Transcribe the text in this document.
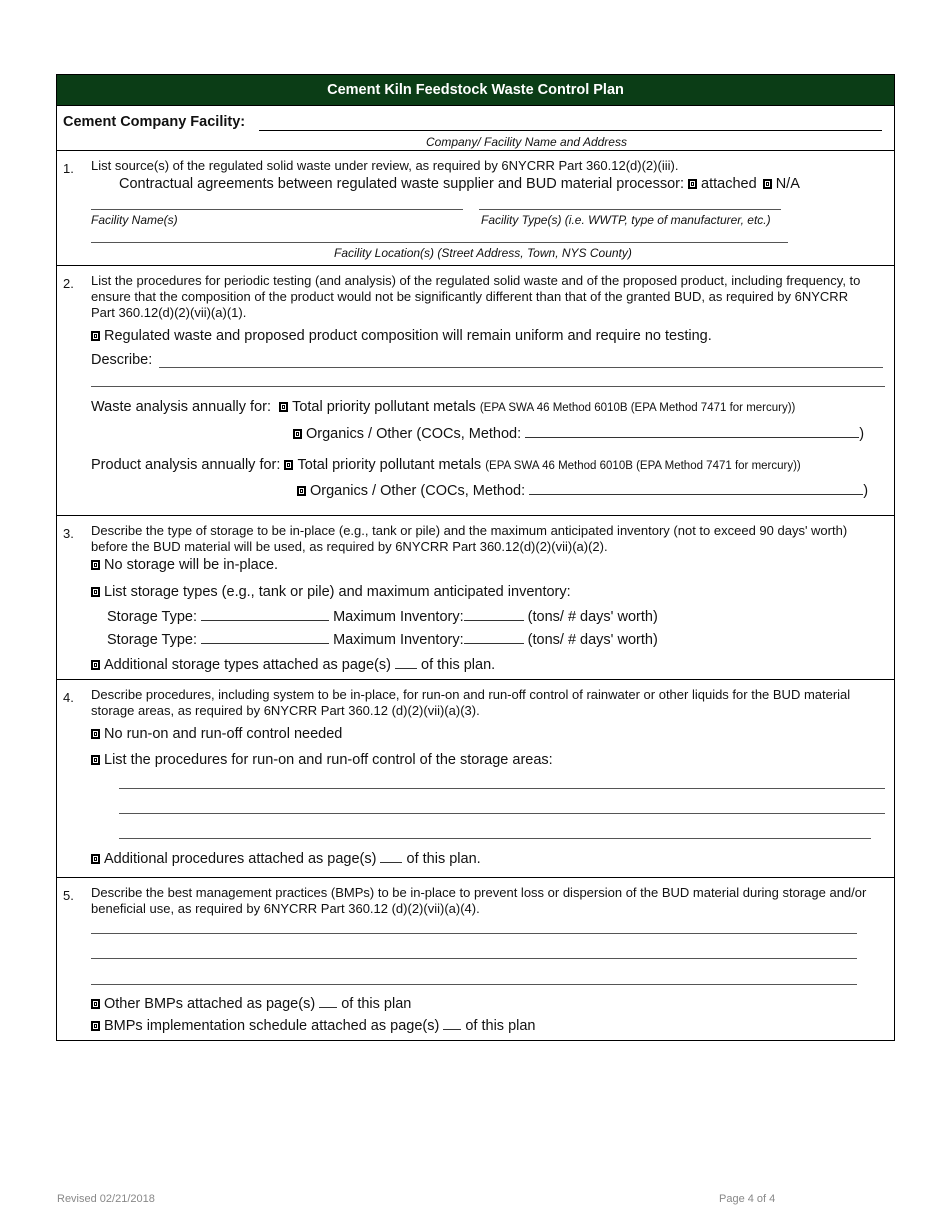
Cement Kiln Feedstock Waste Control Plan
Cement Company Facility:
Company/ Facility Name and Address
1. List source(s) of the regulated solid waste under review, as required by 6NYCRR Part 360.12(d)(2)(iii).
Contractual agreements between regulated waste supplier and BUD material processor: attached N/A
Facility Name(s)	Facility Type(s) (i.e. WWTP, type of manufacturer, etc.)
Facility Location(s) (Street Address, Town, NYS County)
2. List the procedures for periodic testing (and analysis) of the regulated solid waste and of the proposed product, including frequency, to ensure that the composition of the product would not be significantly different than that of the granted BUD, as required by 6NYCRR Part 360.12(d)(2)(vii)(a)(1).
Regulated waste and proposed product composition will remain uniform and require no testing.
Describe:
Waste analysis annually for: Total priority pollutant metals (EPA SWA 46 Method 6010B (EPA Method 7471 for mercury))
Organics / Other (COCs, Method:	)
Product analysis annually for: Total priority pollutant metals (EPA SWA 46 Method 6010B (EPA Method 7471 for mercury))
Organics / Other (COCs, Method:	)
3. Describe the type of storage to be in-place (e.g., tank or pile) and the maximum anticipated inventory (not to exceed 90 days' worth) before the BUD material will be used, as required by 6NYCRR Part 360.12(d)(2)(vii)(a)(2).
No storage will be in-place.
List storage types (e.g., tank or pile) and maximum anticipated inventory:
Storage Type:	Maximum Inventory:	(tons/ # days' worth)
Storage Type:	Maximum Inventory:	(tons/ # days' worth)
Additional storage types attached as page(s) of this plan.
4. Describe procedures, including system to be in-place, for run-on and run-off control of rainwater or other liquids for the BUD material storage areas, as required by 6NYCRR Part 360.12 (d)(2)(vii)(a)(3).
No run-on and run-off control needed
List the procedures for run-on and run-off control of the storage areas:
Additional procedures attached as page(s) of this plan.
5. Describe the best management practices (BMPs) to be in-place to prevent loss or dispersion of the BUD material during storage and/or beneficial use, as required by 6NYCRR Part 360.12 (d)(2)(vii)(a)(4).
Other BMPs attached as page(s) of this plan
BMPs implementation schedule attached as page(s) of this plan
Revised 02/21/2018	Page 4 of 4
